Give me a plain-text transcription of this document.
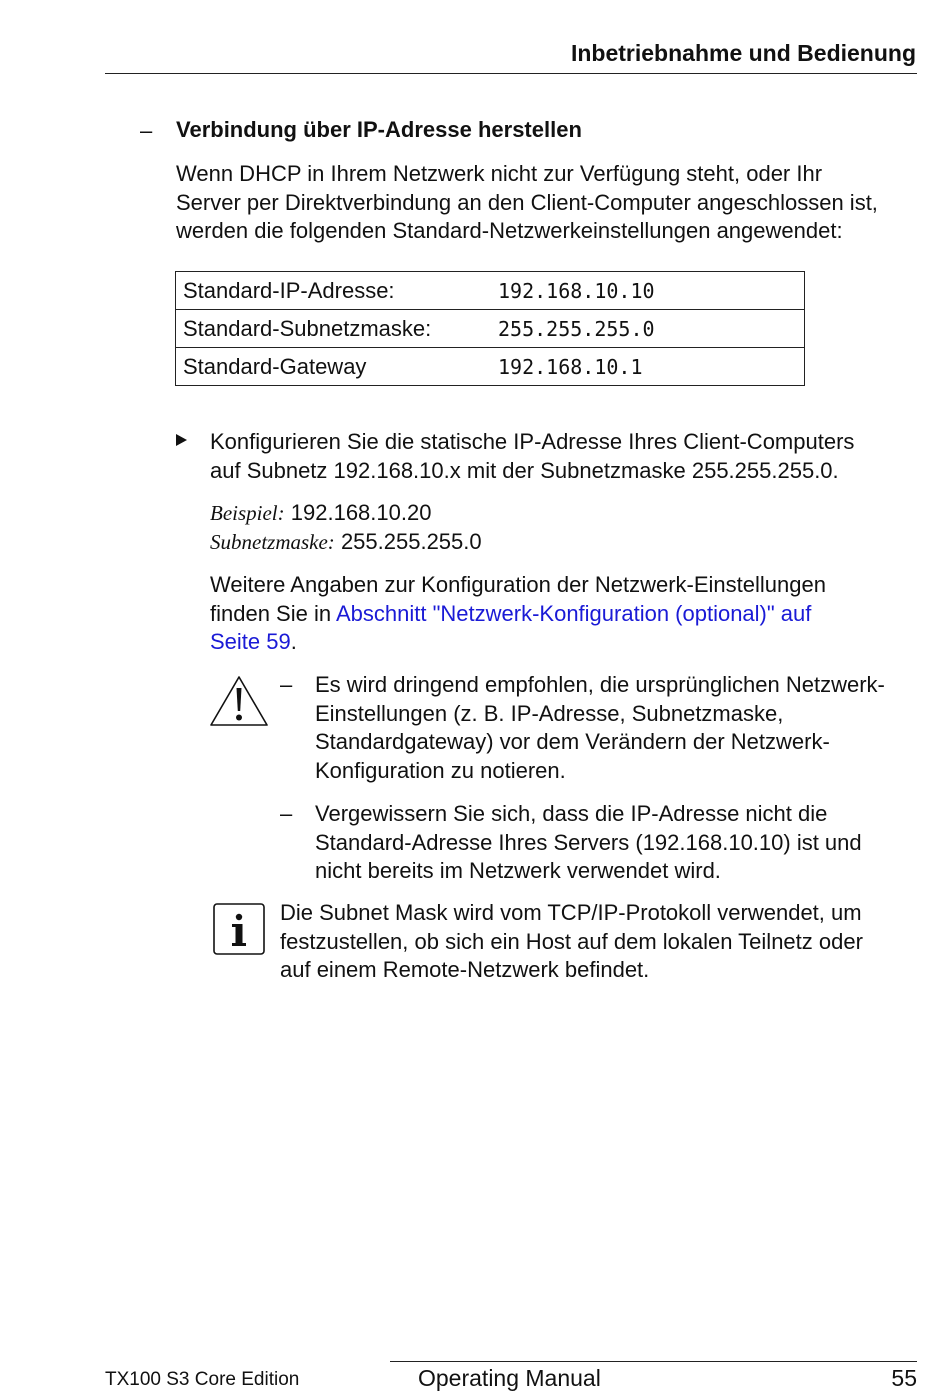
Inbetriebnahme und Bedienung
– Verbindung über IP-Adresse herstellen

Wenn DHCP in Ihrem Netzwerk nicht zur Verfügung steht, oder Ihr
Server per Direktverbindung an den Client-Computer angeschlossen ist,
werden die folgenden Standard-Netzwerkeinstellungen angewendet:

Standard-IP-Adresse:	192.168.10.10
Standard-Subnetzmaske:	255.255.255.0
Standard-Gateway	192.168.10.1

Konfigurieren Sie die statische IP-Adresse Ihres Client-Computers
auf Subnetz 192.168.10.x mit der Subnetzmaske 255.255.255.0.

Beispiel: 192.168.10.20
Subnetzmaske: 255.255.255.0

Weitere Angaben zur Konfiguration der Netzwerk-Einstellungen
finden Sie in Abschnitt "Netzwerk-Konfiguration (optional)" auf
Seite 59.

– Es wird dringend empfohlen, die ursprünglichen Netzwerk-
Einstellungen (z. B. IP-Adresse, Subnetzmaske,
Standardgateway) vor dem Verändern der Netzwerk-
Konfiguration zu notieren.
– Vergewissern Sie sich, dass die IP-Adresse nicht die
Standard-Adresse Ihres Servers (192.168.10.10) ist und
nicht bereits im Netzwerk verwendet wird.

Die Subnet Mask wird vom TCP/IP-Protokoll verwendet, um
festzustellen, ob sich ein Host auf dem lokalen Teilnetz oder
auf einem Remote-Netzwerk befindet.

TX100 S3 Core Edition	Operating Manual	55
